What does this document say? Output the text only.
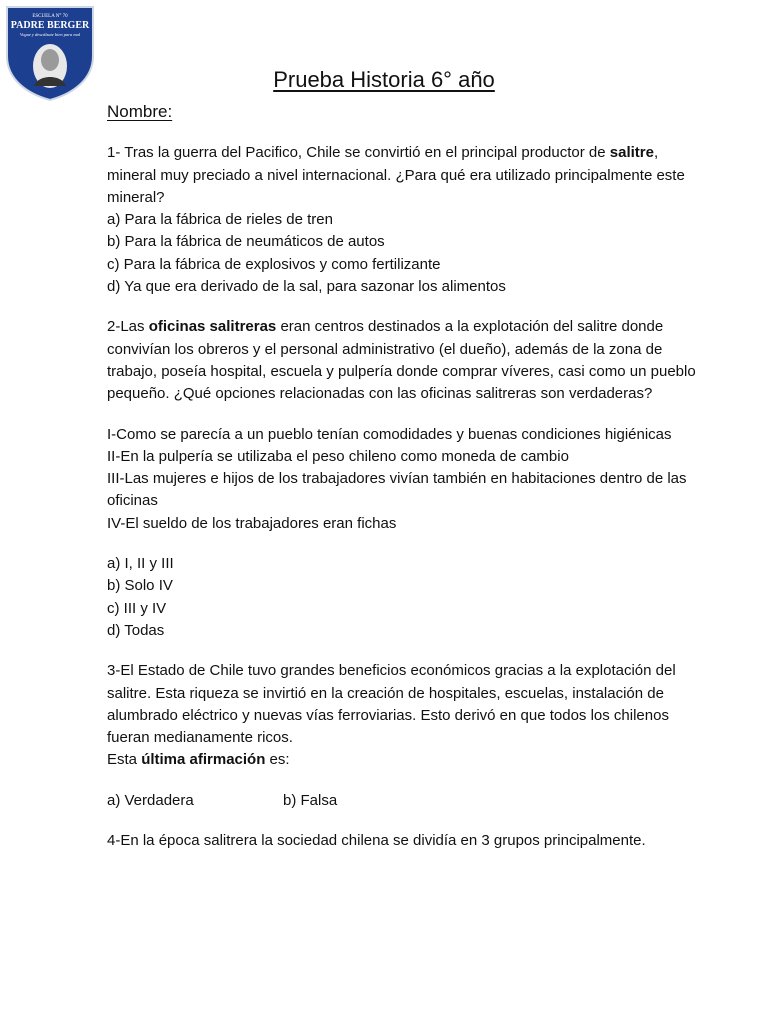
ESCUELA N° 70
PADRE BERGER
Vogue y descálzate bien para mal
Prueba Historia 6° año

Nombre:

1- Tras la guerra del Pacifico, Chile se convirtió en el principal productor de salitre, mineral muy preciado a nivel internacional. ¿Para qué era utilizado principalmente este mineral?

a) Para la fábrica de rieles de tren

b) Para la fábrica de neumáticos de autos

c) Para la fábrica de explosivos y como fertilizante

d) Ya que era derivado de la sal, para sazonar los alimentos

2-Las oficinas salitreras eran centros destinados a la explotación del salitre donde convivían los obreros y el personal administrativo (el dueño), además de la zona de trabajo, poseía hospital, escuela y pulpería donde comprar víveres, casi como un pueblo pequeño. ¿Qué opciones relacionadas con las oficinas salitreras son verdaderas?

I-Como se parecía a un pueblo tenían comodidades y buenas condiciones higiénicas

II-En la pulpería se utilizaba el peso chileno como moneda de cambio

III-Las mujeres e hijos de los trabajadores vivían también en habitaciones dentro de las oficinas

IV-El sueldo de los trabajadores eran fichas

a) I, II y III

b) Solo IV

c) III y IV

d) Todas

3-El Estado de Chile tuvo grandes beneficios económicos gracias a la explotación del salitre. Esta riqueza se invirtió en la creación de hospitales, escuelas, instalación de alumbrado eléctrico y nuevas vías ferroviarias. Esto derivó en que todos los chilenos fueran medianamente ricos.

Esta última afirmación es:

a) Verdadera	b) Falsa

4-En la época salitrera la sociedad chilena se dividía en 3 grupos principalmente.
